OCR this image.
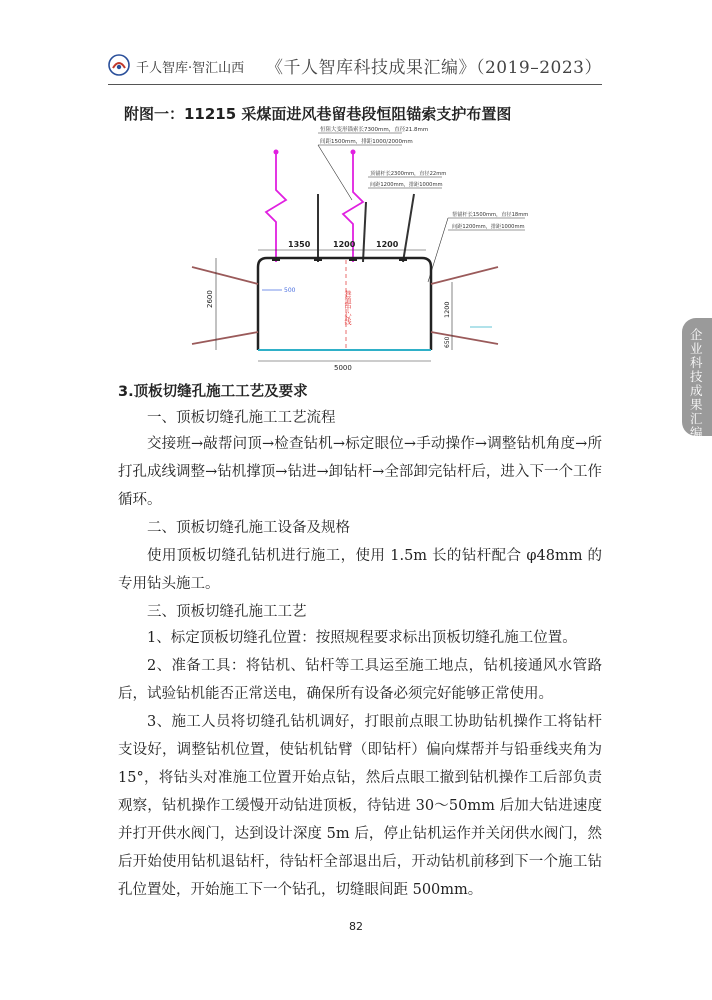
千人智库·智汇山西 《千人智库科技成果汇编》（2019–2023）
企业科技成果汇编
附图一：11215 采煤面进风巷留巷段恒阻锚索支护布置图
恒阻大变形锚索长7300mm，直径21.8mm
间距1500mm，排距1000/2000mm
顶锚杆长2300mm，直径22mm
间距1200mm，排距1000mm
帮锚杆长1500mm，直径18mm
间距1200mm，排距1000mm
1350	1200	1200
巷道中心线
500
2600
1200
650
5000
3.顶板切缝孔施工工艺及要求

一、顶板切缝孔施工工艺流程

交接班→敲帮问顶→检查钻机→标定眼位→手动操作→调整钻机角度→所打孔成线调整→钻机撑顶→钻进→卸钻杆→全部卸完钻杆后，进入下一个工作循环。

二、顶板切缝孔施工设备及规格

使用顶板切缝孔钻机进行施工，使用 1.5m 长的钻杆配合 φ48mm 的专用钻头施工。

三、顶板切缝孔施工工艺

1、标定顶板切缝孔位置：按照规程要求标出顶板切缝孔施工位置。

2、准备工具：将钻机、钻杆等工具运至施工地点，钻机接通风水管路后，试验钻机能否正常送电，确保所有设备必须完好能够正常使用。

3、施工人员将切缝孔钻机调好，打眼前点眼工协助钻机操作工将钻杆支设好，调整钻机位置，使钻机钻臂（即钻杆）偏向煤帮并与铅垂线夹角为 15°，将钻头对准施工位置开始点钻，然后点眼工撤到钻机操作工后部负责观察，钻机操作工缓慢开动钻进顶板，待钻进 30～50mm 后加大钻进速度并打开供水阀门，达到设计深度 5m 后，停止钻机运作并关闭供水阀门，然后开始使用钻机退钻杆，待钻杆全部退出后，开动钻机前移到下一个施工钻孔位置处，开始施工下一个钻孔，切缝眼间距 500mm。

82
